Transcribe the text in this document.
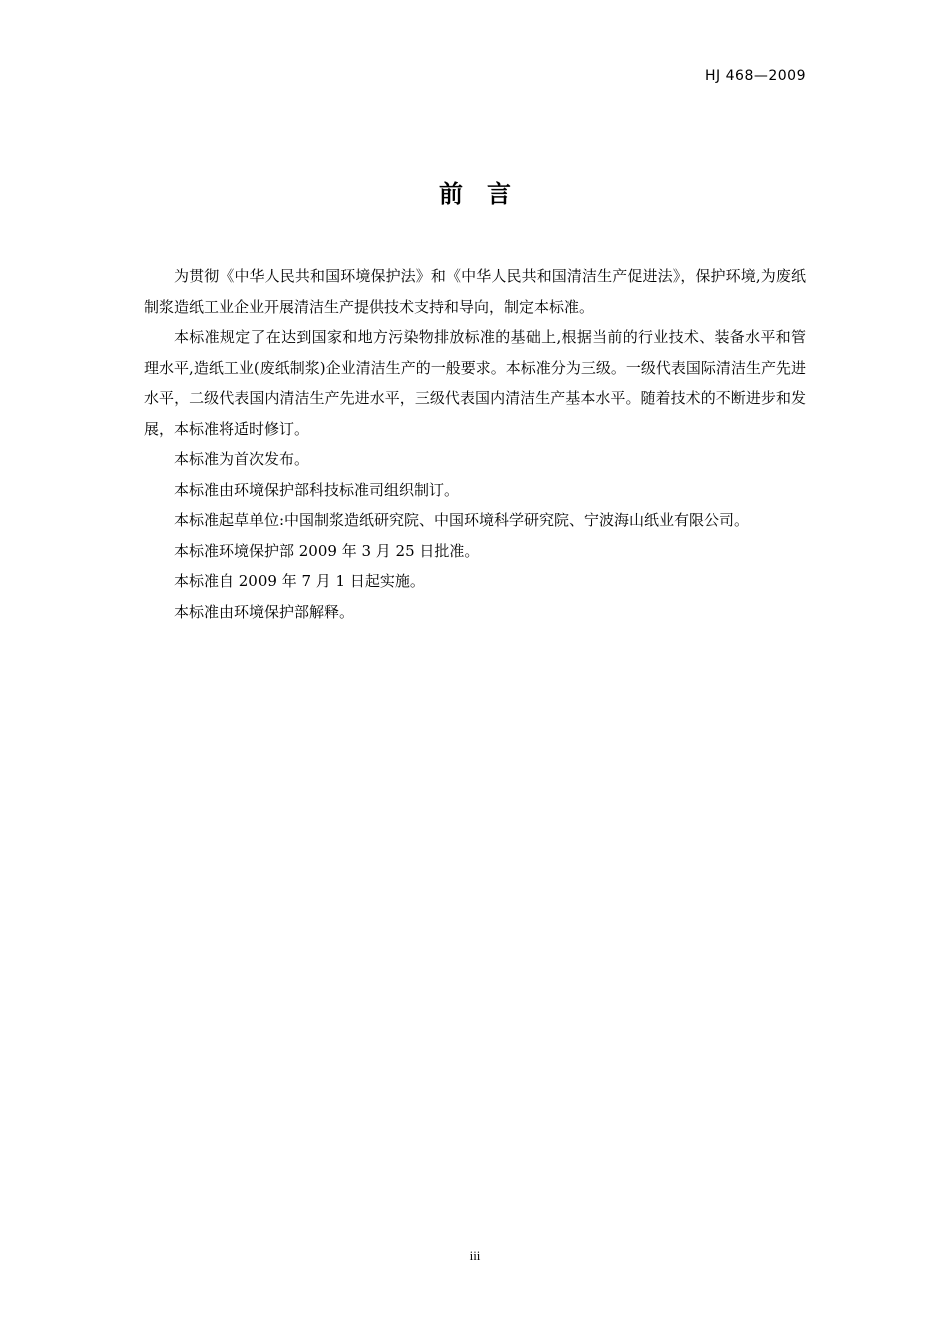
HJ 468—2009
前言

为贯彻《中华人民共和国环境保护法》和《中华人民共和国清洁生产促进法》，保护环境,为废纸制浆造纸工业企业开展清洁生产提供技术支持和导向，制定本标准。

本标准规定了在达到国家和地方污染物排放标准的基础上,根据当前的行业技术、装备水平和管理水平,造纸工业(废纸制浆)企业清洁生产的一般要求。本标准分为三级。一级代表国际清洁生产先进水平，二级代表国内清洁生产先进水平，三级代表国内清洁生产基本水平。随着技术的不断进步和发展，本标准将适时修订。

本标准为首次发布。

本标准由环境保护部科技标准司组织制订。

本标准起草单位:中国制浆造纸研究院、中国环境科学研究院、宁波海山纸业有限公司。

本标准环境保护部 2009 年 3 月 25 日批准。

本标准自 2009 年 7 月 1 日起实施。

本标准由环境保护部解释。

iii
